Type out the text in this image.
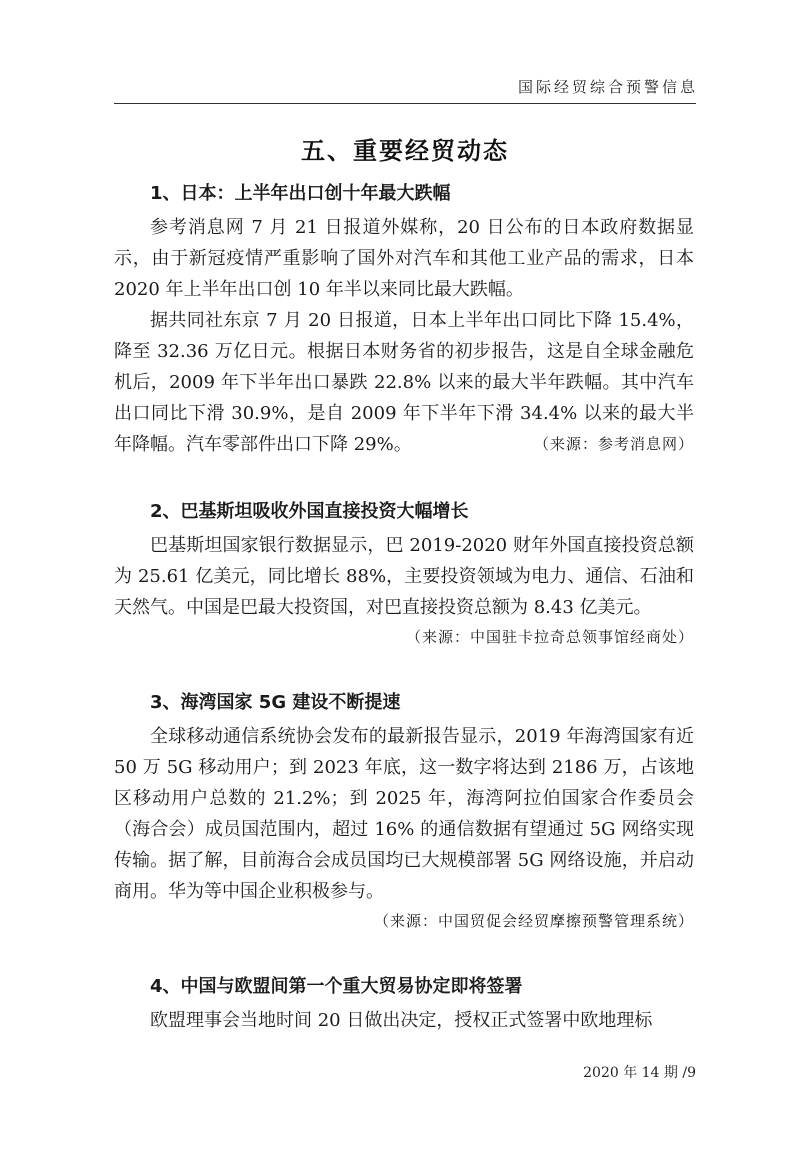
国际经贸综合预警信息
五、重要经贸动态
1、日本：上半年出口创十年最大跌幅

参考消息网 7 月 21 日报道外媒称，20 日公布的日本政府数据显示，由于新冠疫情严重影响了国外对汽车和其他工业产品的需求，日本 2020 年上半年出口创 10 年半以来同比最大跌幅。

据共同社东京 7 月 20 日报道，日本上半年出口同比下降 15.4%，降至 32.36 万亿日元。根据日本财务省的初步报告，这是自全球金融危机后，2009 年下半年出口暴跌 22.8% 以来的最大半年跌幅。其中汽车出口同比下滑 30.9%，是自 2009 年下半年下滑 34.4% 以来的最大半年降幅。汽车零部件出口下降 29%。	（来源：参考消息网）

2、巴基斯坦吸收外国直接投资大幅增长

巴基斯坦国家银行数据显示，巴 2019-2020 财年外国直接投资总额为 25.61 亿美元，同比增长 88%，主要投资领域为电力、通信、石油和天然气。中国是巴最大投资国，对巴直接投资总额为 8.43 亿美元。

（来源：中国驻卡拉奇总领事馆经商处）

3、海湾国家 5G 建设不断提速

全球移动通信系统协会发布的最新报告显示，2019 年海湾国家有近 50 万 5G 移动用户；到 2023 年底，这一数字将达到 2186 万，占该地区移动用户总数的 21.2%；到 2025 年，海湾阿拉伯国家合作委员会（海合会）成员国范围内，超过 16% 的通信数据有望通过 5G 网络实现传输。据了解，目前海合会成员国均已大规模部署 5G 网络设施，并启动商用。华为等中国企业积极参与。

（来源：中国贸促会经贸摩擦预警管理系统）

4、中国与欧盟间第一个重大贸易协定即将签署

欧盟理事会当地时间 20 日做出决定，授权正式签署中欧地理标

2020 年 14 期 /9
